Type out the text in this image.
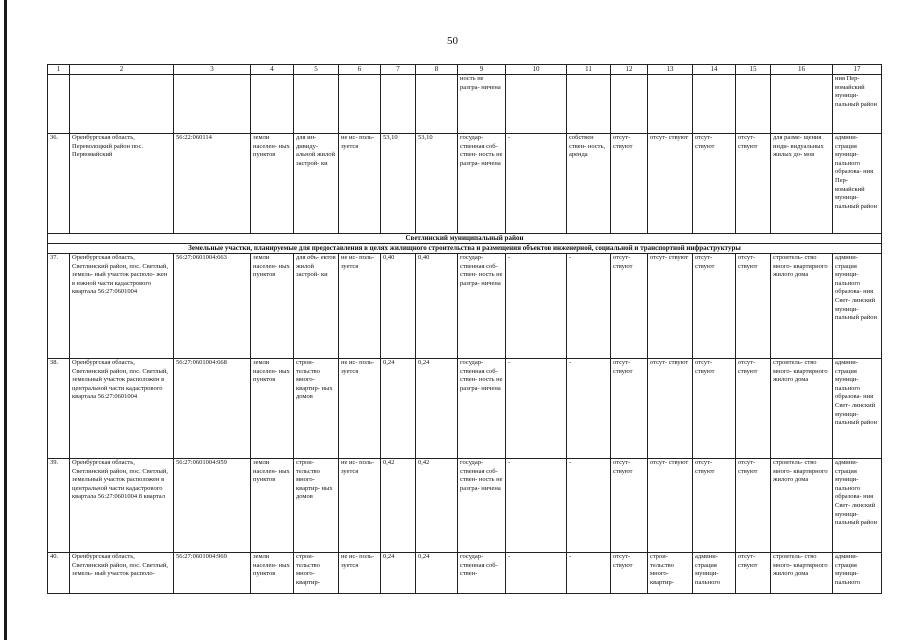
50
1	2	3	4	5	6	7	8	9	10	11	12	13	14	15	16	17
								ность не разгра- ничена								ния Пер- вомайский муници- пальный район
36.	Оренбургская область, Переволоцкий район пос. Первомайский	56:22:060114	земли населен- ных пунктов	для ин- дивиду- альной жилой застрой- ки	не ис- поль- зуется	53,10	53,10	государ- ственная соб- ствен- ность не разгра- ничена	-	собствен ствен- ность, аренда	отсут- ствуют	отсут- ствуют	отсут- ствуют	отсут- ствуют	для разме- щения инди- видуальных жилых до- мов	админи- страция муници- пального образова- ния Пер- вомайский муници- пальный район
Светлинский муниципальный район																
Земельные участки, планируемые для предоставления в целях жилищного строительства и размещения объектов инженерной, социальной и транспортной инфраструктуры																
37.	Оренбургская область, Светлинский район, пос. Светлый, земель- ный участок располо- жен в южной части кадастрового квартала 56:27:0601004	56:27:0601004:663	земли населен- ных пунктов	для объ- ектов жилой застрой- ки	не ис- поль- зуется	0,40	0,40	государ- ственная соб- ствен- ность не разгра- ничена	-	-	отсут- ствуют	отсут- ствуют	отсут- ствуют	отсут- ствуют	строитель- ство много- квартирного жилого дома	админи- страция муници- пального образова- ния Свет- линский муници- пальный район
38.	Оренбургская область, Светлинский район, пос. Светлый, земельный участок расположен в центральной части кадастрового квартала 56:27:0601004	56:27:0601004:668	земли населен- ных пунктов	строи- тельство много- квартир- ных домов	не ис- поль- зуется	0,24	0,24	государ- ственная соб- ствен- ность не разгра- ничена	-	-	отсут- ствуют	отсут- ствуют	отсут- ствуют	отсут- ствуют	строитель- ство много- квартирного жилого дома	админи- страция муници- пального образова- ния Свет- линский муници- пальный район
39.	Оренбургская область, Светлинский район, пос. Светлый, земельный участок расположен в центральной части кадастрового квартала 56:27:0601004 8 квартал	56:27:0601004:959	земли населен- ных пунктов	строи- тельство много- квартир- ных домов	не ис- поль- зуется	0,42	0,42	государ- ственная соб- ствен- ность не разгра- ничена	-	-	отсут- ствуют	отсут- ствуют	отсут- ствуют	отсут- ствуют	строитель- ство много- квартирного жилого дома	админи- страция муници- пального образова- ния Свет- линский муници- пальный район
40.	Оренбургская область, Светлинский район, пос. Светлый, земель- ный участок располо-	56:27:0601004:969	земли населен- ных пунктов	строи- тельство много- квартир-	не ис- поль- зуется	0,24	0,24	государ- ственная соб- ствен-	-	-	отсут- ствуют	строи- тельство много- квартир-	админи- страция муници- пального	отсут- ствуют	строитель- ство много- квартирного жилого дома	админи- страция муници- пального
